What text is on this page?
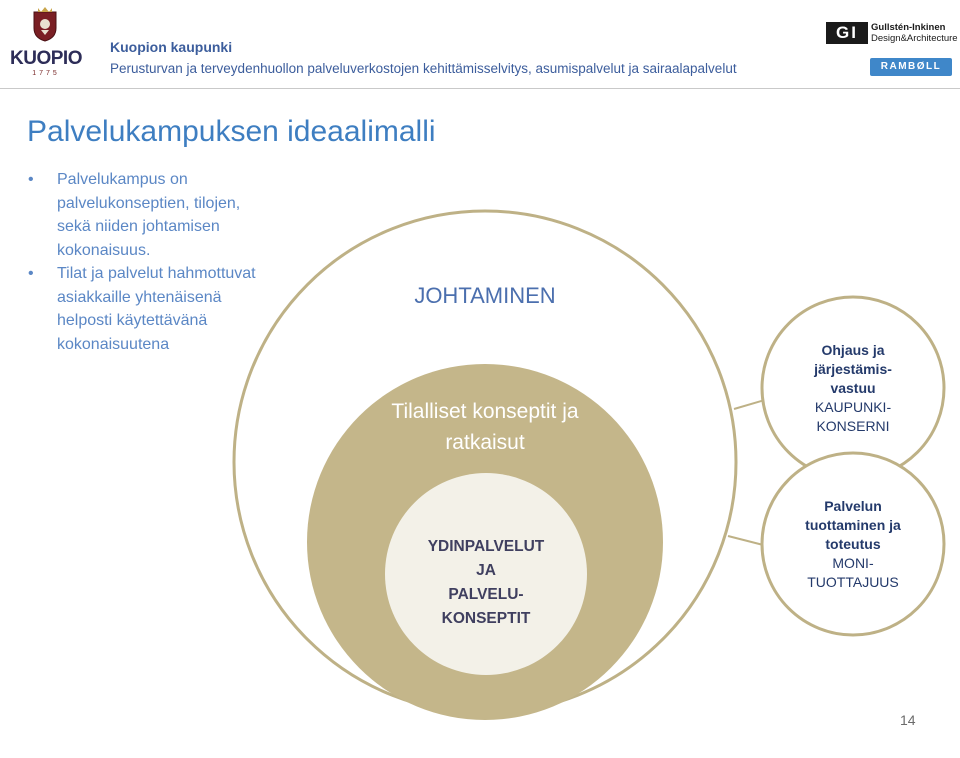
KUOPIO
1775
Kuopion kaupunki
Perusturvan ja terveydenhuollon palveluverkostojen kehittämisselvitys, asumispalvelut ja sairaalapalvelut
GI	Gullstén-Inkinen
Design&Architecture
RAMBØLL
Palvelukampuksen ideaalimalli
• Palvelukampus on palvelukonseptien, tilojen, sekä niiden johtamisen kokonaisuus.
• Tilat ja palvelut hahmottuvat asiakkaille yhtenäisenä helposti käytettävänä kokonaisuutena
JOHTAMINEN
Tilalliset konseptit ja
ratkaisut
YDINPALVELUT
JA
PALVELU-
KONSEPTIT
Ohjaus ja
järjestämis-
vastuu
KAUPUNKI-
KONSERNI
Palvelun
tuottaminen ja
toteutus
MONI-
TUOTTAJUUS
14
